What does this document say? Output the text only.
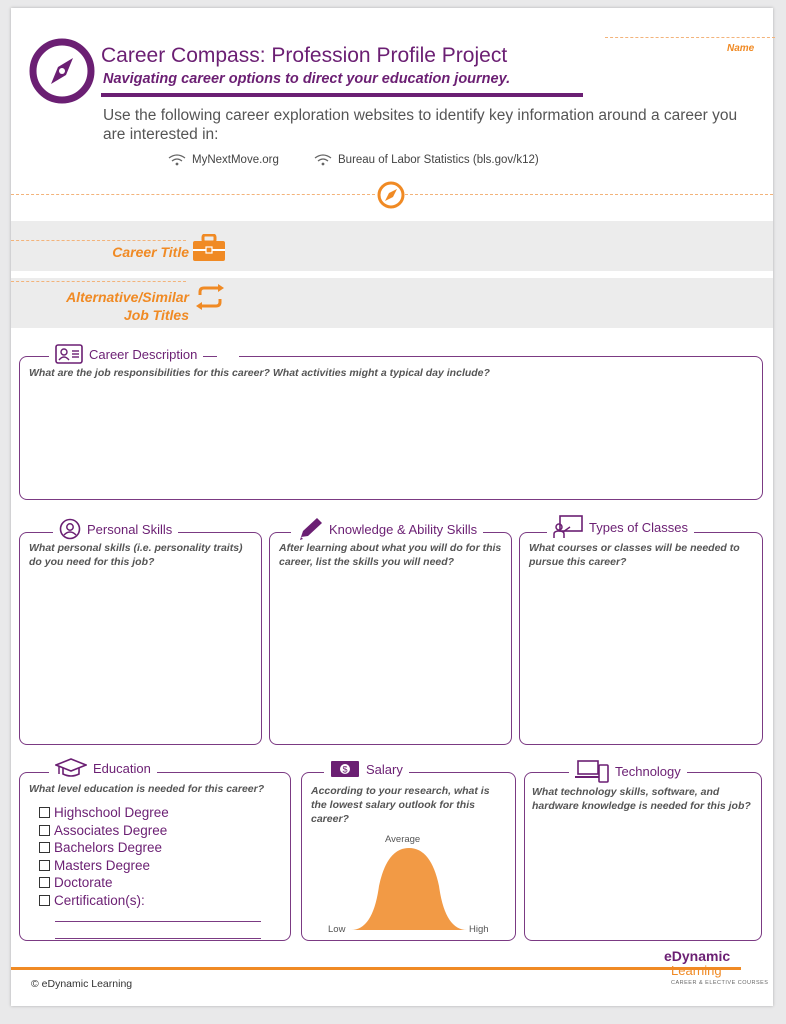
Career Compass: Profession Profile Project
Navigating career options to direct your education journey.
Name
Use the following career exploration websites to identify key information around a career you are interested in:
MyNextMove.org	Bureau of Labor Statistics (bls.gov/k12)
Career Title
Alternative/Similar
Job Titles
Career Description
What are the job responsibilities for this career? What activities might a typical day include?
Personal Skills
What personal skills (i.e. personality traits) do you need for this job?
Knowledge & Ability Skills
After learning about what you will do for this career, list the skills you will need?
Types of Classes
What courses or classes will be needed to pursue this career?
Education
What level education is needed for this career?
Highschool Degree
Associates Degree
Bachelors Degree
Masters Degree
Doctorate
Certification(s):
$ Salary
According to your research, what is the lowest salary outlook for this career?
Average
Low	High
Technology
What technology skills, software, and hardware knowledge is needed for this job?
© eDynamic Learning
eDynamic
Learning
CAREER & ELECTIVE COURSES
